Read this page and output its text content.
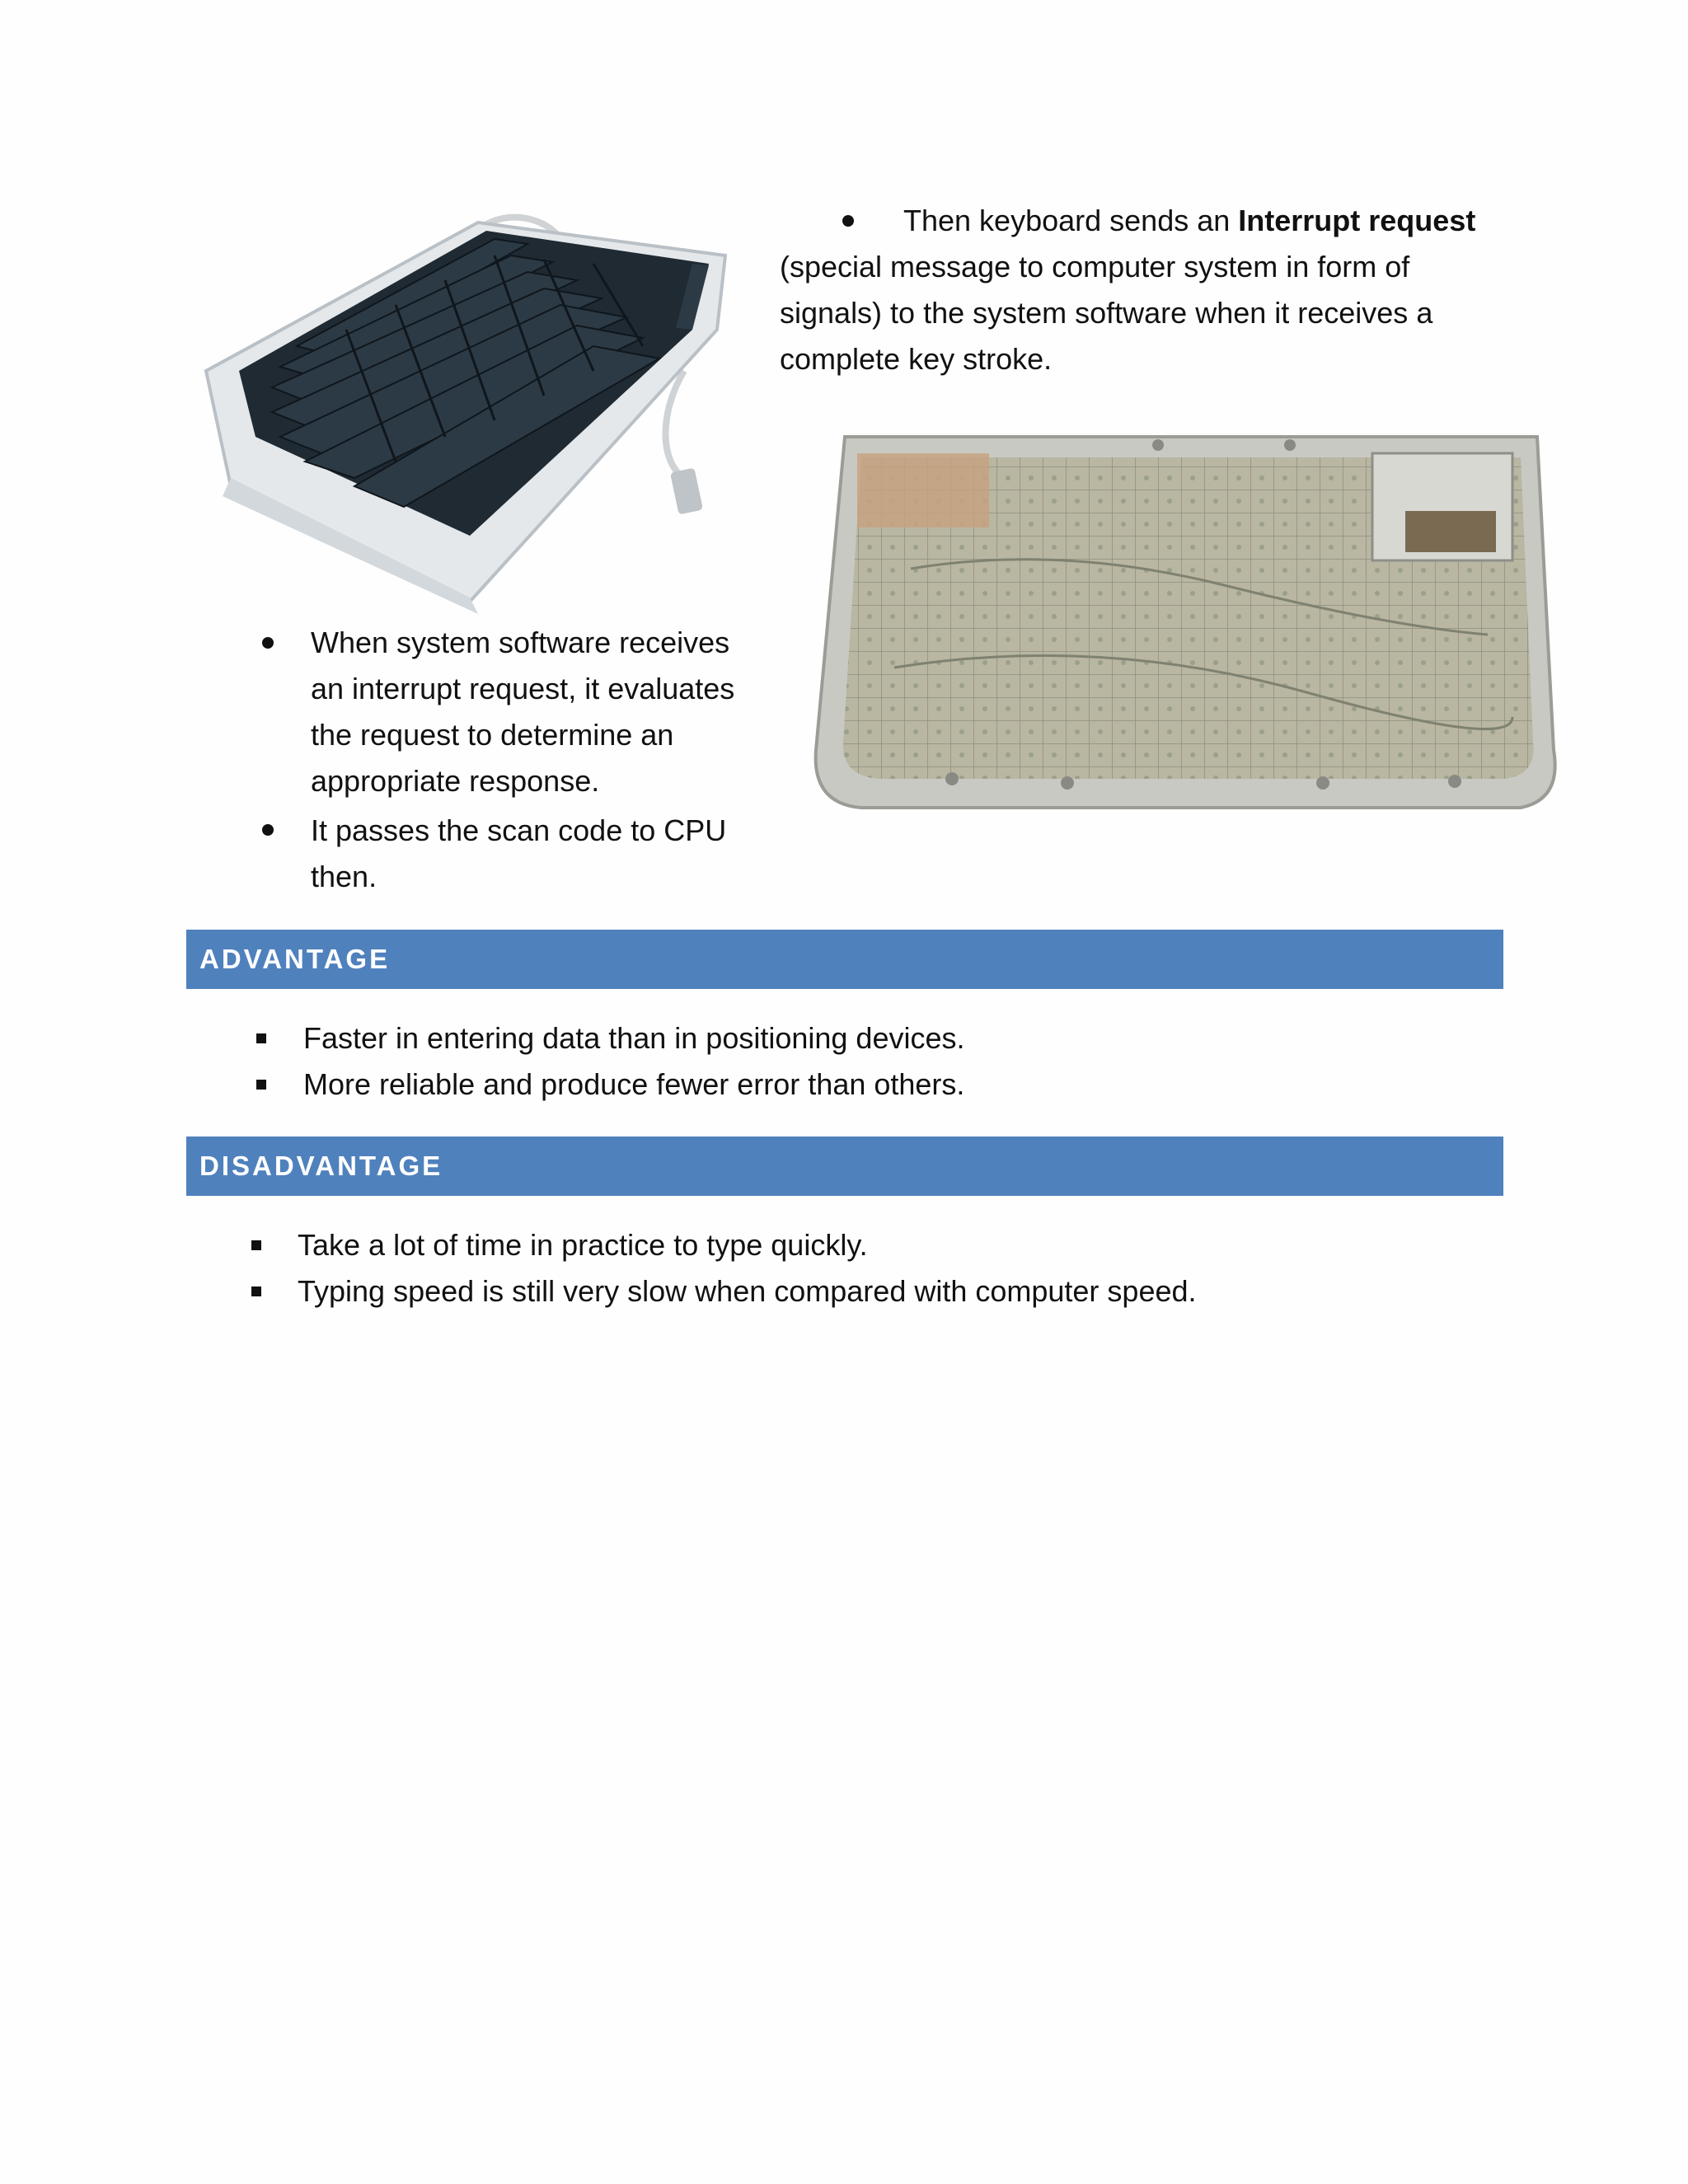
Then keyboard sends an Interrupt request
(special message to computer system in form of
signals) to the system software when it receives a
complete key stroke.
When system software receives
an interrupt request, it evaluates
the request to determine an
appropriate response.
It passes the scan code to CPU
then.
ADVANTAGE
Faster in entering data than in positioning devices.
More reliable and produce fewer error than others.
DISADVANTAGE
Take a lot of time in practice to type quickly.
Typing speed is still very slow when compared with computer speed.
